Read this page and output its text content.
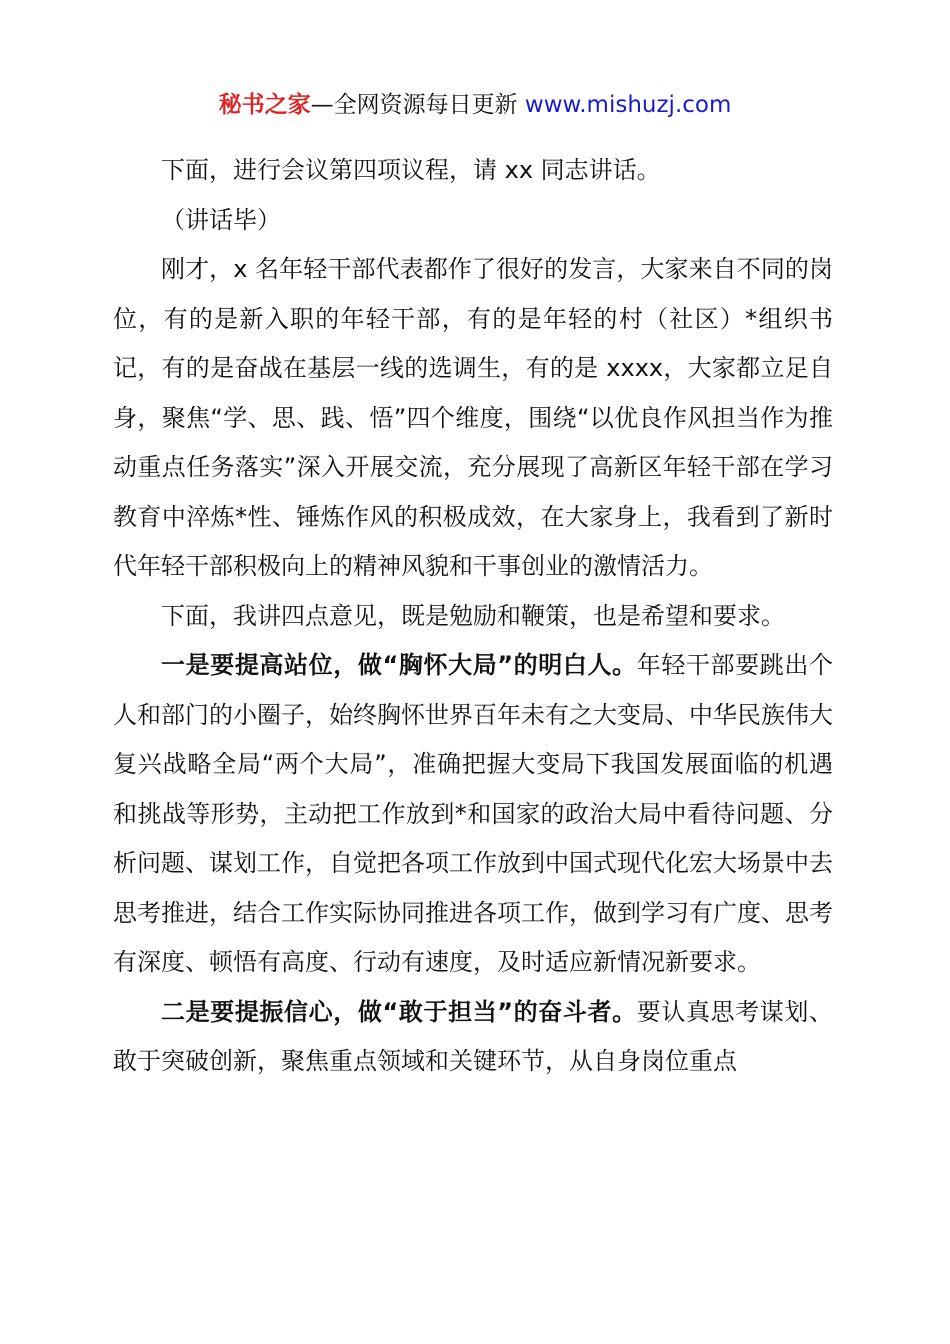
秘书之家—全网资源每日更新 www.mishuzj.com

下面，进行会议第四项议程，请 xx 同志讲话。

（讲话毕）

刚才，x 名年轻干部代表都作了很好的发言，大家来自不同的岗位，有的是新入职的年轻干部，有的是年轻的村（社区）*组织书记，有的是奋战在基层一线的选调生，有的是 xxxx，大家都立足自身，聚焦“学、思、践、悟”四个维度，围绕“以优良作风担当作为推动重点任务落实”深入开展交流，充分展现了高新区年轻干部在学习教育中淬炼*性、锤炼作风的积极成效，在大家身上，我看到了新时代年轻干部积极向上的精神风貌和干事创业的激情活力。

下面，我讲四点意见，既是勉励和鞭策，也是希望和要求。

一是要提高站位，做“胸怀大局”的明白人。年轻干部要跳出个人和部门的小圈子，始终胸怀世界百年未有之大变局、中华民族伟大复兴战略全局“两个大局”，准确把握大变局下我国发展面临的机遇和挑战等形势，主动把工作放到*和国家的政治大局中看待问题、分析问题、谋划工作，自觉把各项工作放到中国式现代化宏大场景中去思考推进，结合工作实际协同推进各项工作，做到学习有广度、思考有深度、顿悟有高度、行动有速度，及时适应新情况新要求。

二是要提振信心，做“敢于担当”的奋斗者。要认真思考谋划、敢于突破创新，聚焦重点领域和关键环节，从自身岗位重点
